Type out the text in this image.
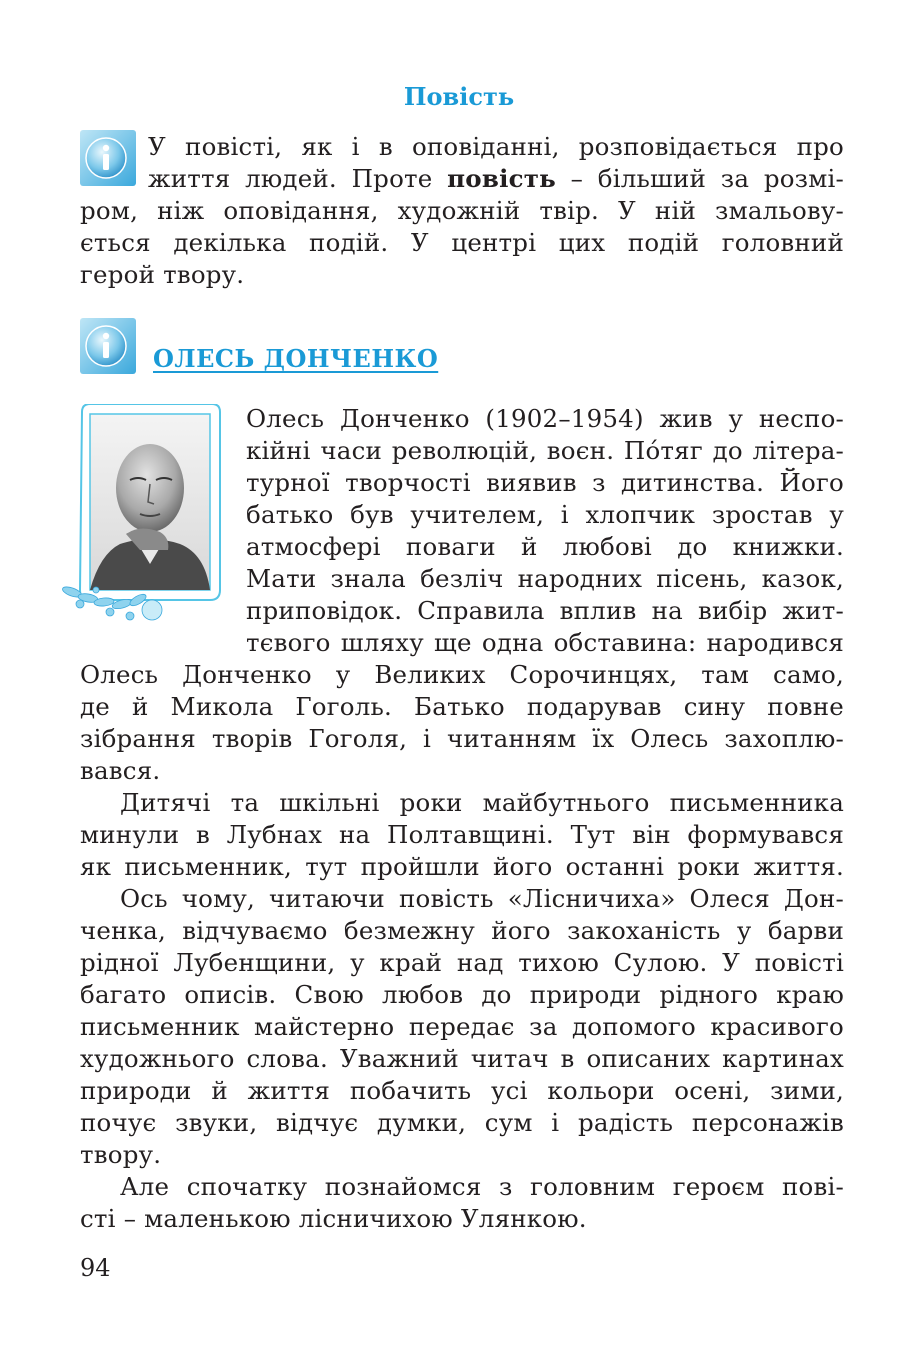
Повість
У повісті, як і в оповіданні, розповідається про
життя людей. Проте повість – більший за розмі-
ром, ніж оповідання, художній твір. У ній змальову-
ється декілька подій. У центрі цих подій головний
герой твору.
ОЛЕСЬ ДОНЧЕНКО
Олесь Донченко (1902–1954) жив у неспо-
кійні часи революцій, воєн. Пóтяг до літера-
турної творчості виявив з дитинства. Його
батько був учителем, і хлопчик зростав у
атмосфері поваги й любові до книжки.
Мати знала безліч народних пісень, казок,
приповідок. Справила вплив на вибір жит-
тєвого шляху ще одна обставина: народився
Олесь Донченко у Великих Сорочинцях, там само,
де й Микола Гоголь. Батько подарував сину повне
зібрання творів Гоголя, і читанням їх Олесь захоплю-
вався.
Дитячі та шкільні роки майбутнього письменника
минули в Лубнах на Полтавщині. Тут він формувався
як письменник, тут пройшли його останні роки життя.
Ось чому, читаючи повість «Лісничиха» Олеся Дон-
ченка, відчуваємо безмежну його закоханість у барви
рідної Лубенщини, у край над тихою Сулою. У повісті
багато описів. Свою любов до природи рідного краю
письменник майстерно передає за допомого красивого
художнього слова. Уважний читач в описаних картинах
природи й життя побачить усі кольори осені, зими,
почує звуки, відчує думки, сум і радість персонажів
твору.
Але спочатку познайомся з головним героєм пові-
сті – маленькою лісничихою Улянкою.
94
